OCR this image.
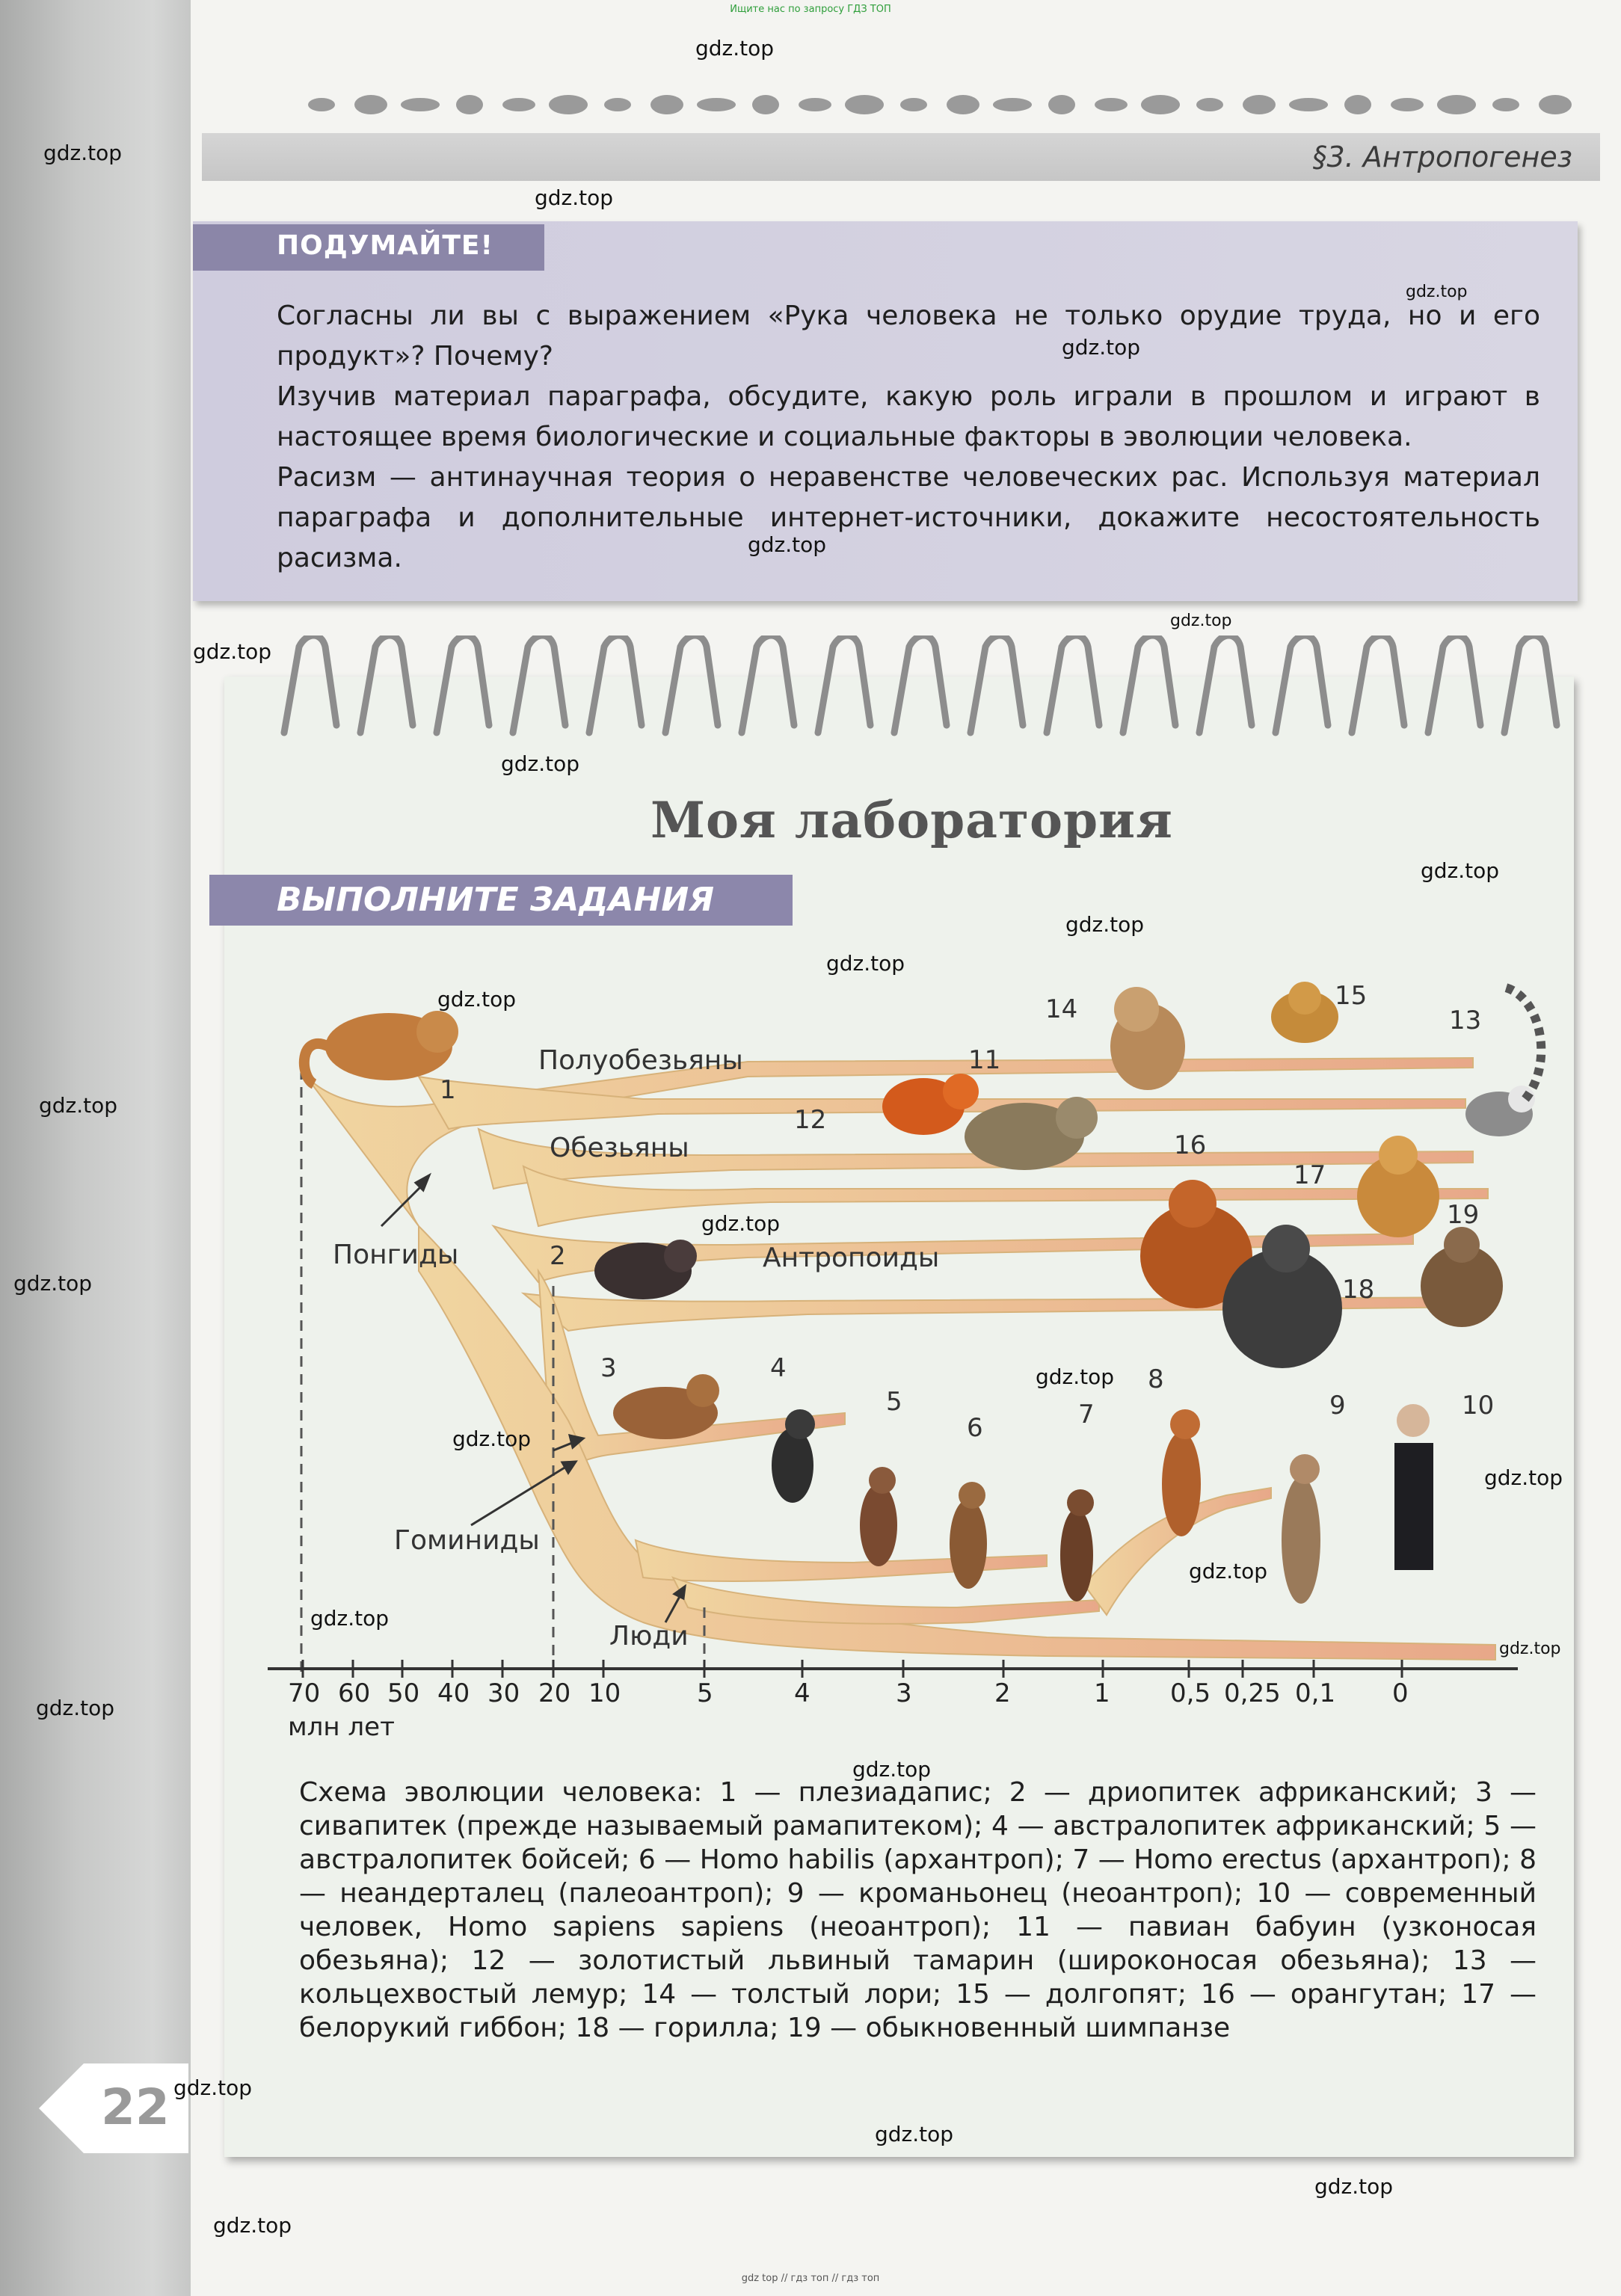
Ищите нас по запросу ГДЗ ТОП
§3. Антропогенез
ПОДУМАЙТЕ!
Согласны ли вы с выражением «Рука человека не только орудие труда, но и его продукт»? Почему?
Изучив материал параграфа, обсудите, какую роль играли в прошлом и играют в настоящее время биологические и социальные факторы в эволюции человека.
Расизм — антинаучная теория о неравенстве человеческих рас. Используя материал параграфа и дополнительные интернет-источники, докажите несостоятельность расизма.
Моя лаборатория
ВЫПОЛНИТЕ ЗАДАНИЯ
Полуобезьяны
Обезьяны
Понгиды	Антропоиды
Гоминиды
Люди
1
2
3	4
5
6	7
8
9	10
11
12
13
14	15
16
17
18
19
70 60 50 40 30 20 10	5	4	3	2	1 0,5 0,25 0,1 0
млн лет
Схема эволюции человека: 1 — плезиадапис; 2 — дриопитек африканский; 3 — сивапитек (прежде называемый рамапитеком); 4 — австралопитек африканский; 5 — австралопитек бойсей; 6 — Homo habilis (архантроп); 7 — Homo erectus (архантроп); 8 — неандерталец (палеоантроп); 9 — кроманьонец (неоантроп); 10 — современный человек, Homo sapiens sapiens (неоантроп); 11 — павиан бабуин (узконосая обезьяна); 12 — золотистый львиный тамарин (широконосая обезьяна); 13 — кольцехвостый лемур; 14 — толстый лори; 15 — долгопят; 16 — орангутан; 17 — белорукий гиббон; 18 — горилла; 19 — обыкновенный шимпанзе
22
gdz.top
gdz.top
gdz.top
gdz.top
gdz.top
gdz.top
gdz.top
gdz.top
gdz.top
gdz.top
gdz.top
gdz.top
gdz.top
gdz.top
gdz.top
gdz.top
gdz.top
gdz.top
gdz.top
gdz.top
gdz.top
gdz.top
gdz.top
gdz.top
gdz.top
gdz.top
gdz.top
gdz.top
gdz top // гдз топ // гдз топ
